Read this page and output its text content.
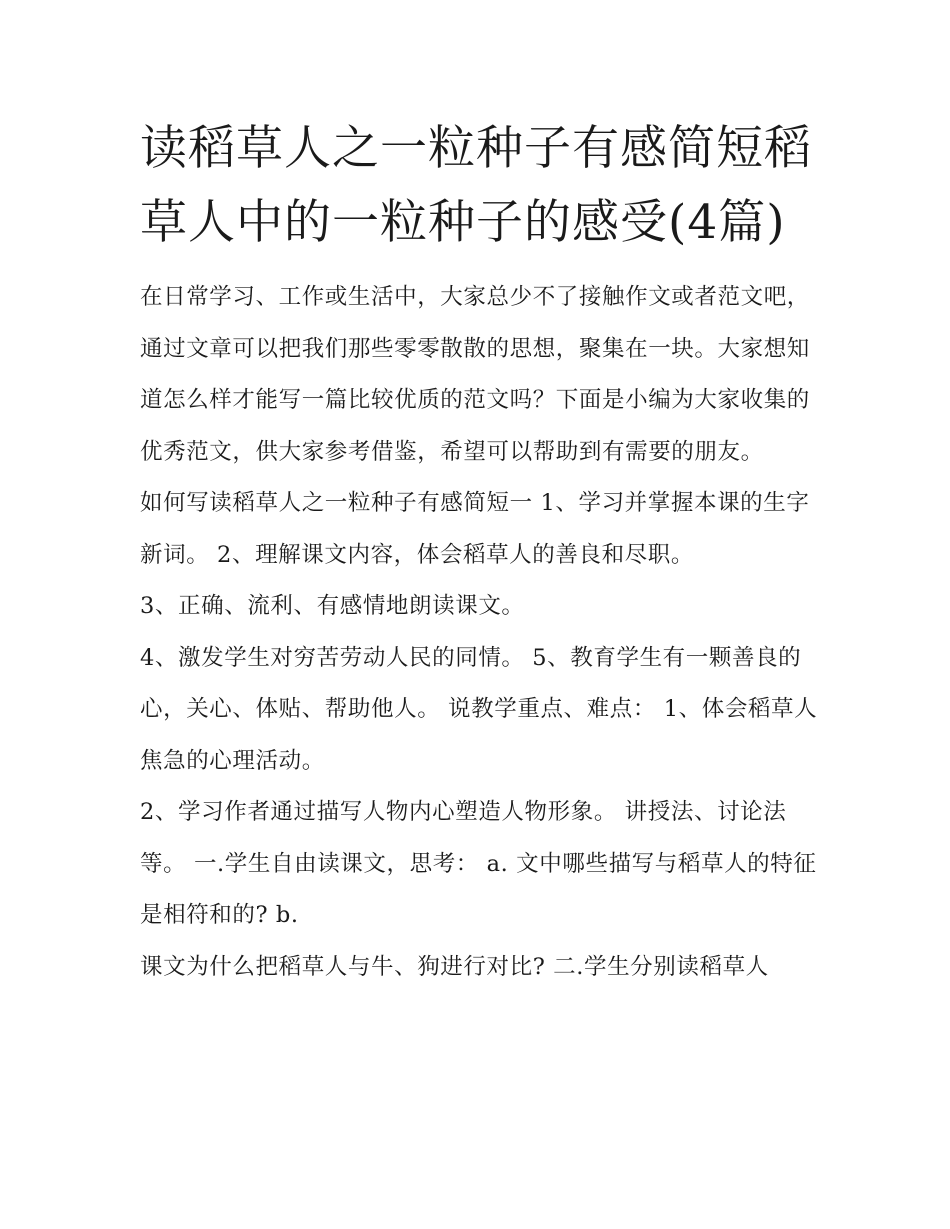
读稻草人之一粒种子有感简短稻草人中的一粒种子的感受(4篇)

在日常学习、工作或生活中，大家总少不了接触作文或者范文吧，通过文章可以把我们那些零零散散的思想，聚集在一块。大家想知道怎么样才能写一篇比较优质的范文吗？下面是小编为大家收集的优秀范文，供大家参考借鉴，希望可以帮助到有需要的朋友。

如何写读稻草人之一粒种子有感简短一 1、学习并掌握本课的生字新词。 2、理解课文内容，体会稻草人的善良和尽职。

3、正确、流利、有感情地朗读课文。

4、激发学生对穷苦劳动人民的同情。 5、教育学生有一颗善良的心，关心、体贴、帮助他人。 说教学重点、难点： 1、体会稻草人焦急的心理活动。

2、学习作者通过描写人物内心塑造人物形象。 讲授法、讨论法等。 一.学生自由读课文，思考： a. 文中哪些描写与稻草人的特征是相符和的? b.

课文为什么把稻草人与牛、狗进行对比? 二.学生分别读稻草人
